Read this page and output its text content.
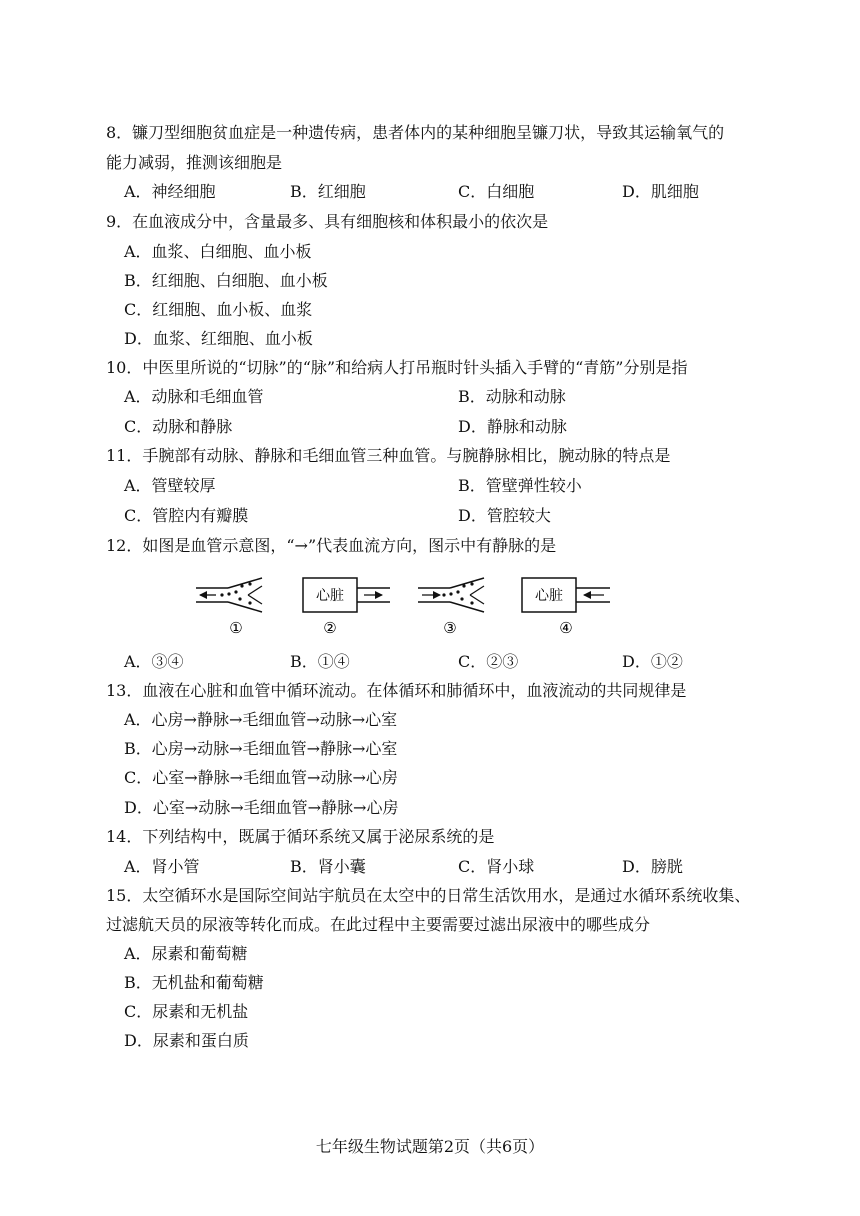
8．镰刀型细胞贫血症是一种遗传病，患者体内的某种细胞呈镰刀状，导致其运输氧气的
能力减弱，推测该细胞是
A．神经细胞	B．红细胞	C．白细胞	D．肌细胞
9．在血液成分中，含量最多、具有细胞核和体积最小的依次是
A．血浆、白细胞、血小板
B．红细胞、白细胞、血小板
C．红细胞、血小板、血浆
D．血浆、红细胞、血小板
10．中医里所说的“切脉”的“脉”和给病人打吊瓶时针头插入手臂的“青筋”分别是指
A．动脉和毛细血管	B．动脉和动脉
C．动脉和静脉	D．静脉和动脉
11．手腕部有动脉、静脉和毛细血管三种血管。与腕静脉相比，腕动脉的特点是
A．管壁较厚	B．管壁弹性较小
C．管腔内有瓣膜	D．管腔较大
12．如图是血管示意图，“→”代表血流方向，图示中有静脉的是
①
心脏
②	③
心脏
④
A．③④	B．①④	C．②③	D．①②
13．血液在心脏和血管中循环流动。在体循环和肺循环中，血液流动的共同规律是
A．心房→静脉→毛细血管→动脉→心室
B．心房→动脉→毛细血管→静脉→心室
C．心室→静脉→毛细血管→动脉→心房
D．心室→动脉→毛细血管→静脉→心房
14．下列结构中，既属于循环系统又属于泌尿系统的是
A．肾小管	B．肾小囊	C．肾小球	D．膀胱
15．太空循环水是国际空间站宇航员在太空中的日常生活饮用水，是通过水循环系统收集、
过滤航天员的尿液等转化而成。在此过程中主要需要过滤出尿液中的哪些成分
A．尿素和葡萄糖
B．无机盐和葡萄糖
C．尿素和无机盐
D．尿素和蛋白质
七年级生物试题第2页（共6页）
